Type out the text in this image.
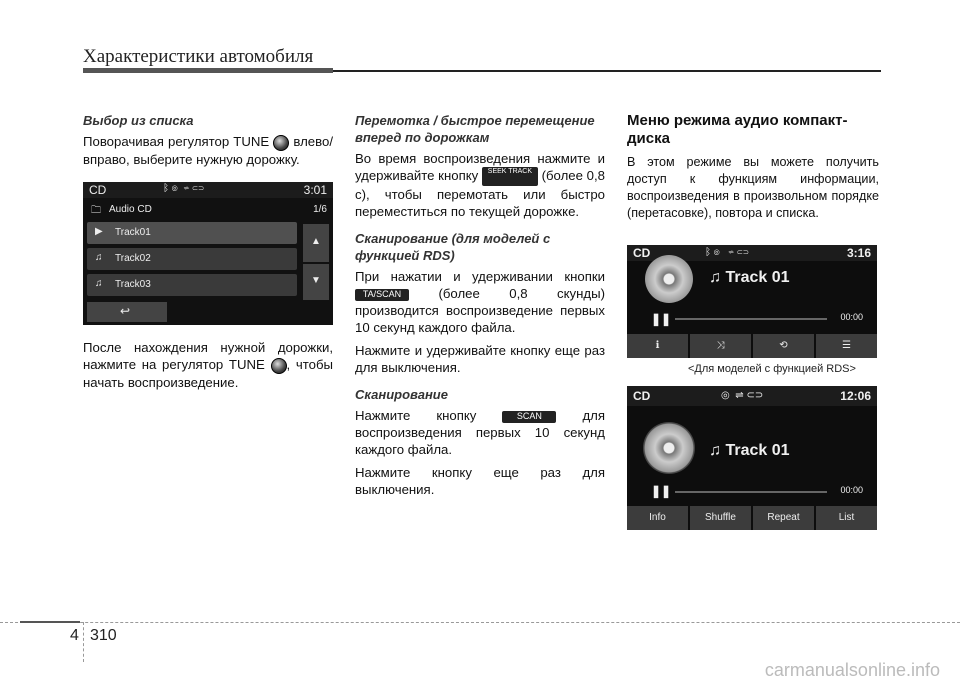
Характеристики автомобиля
Выбор из списка

Поворачивая регулятор TUNE влево/вправо, выберите нужную дорожку.

CD	ᛒ ◎  ⇌ ⊂⊃	3:01
🗀 Audio CD	1/6
▶ Track01
♫ Track02
♫ Track03
▲
▼
↩

После нахождения нужной дорожки, нажмите на регулятор TUNE , чтобы начать воспроизведение.

Перемотка / быстрое перемещение вперед по дорожкам

Во время воспроизведения нажмите и удерживайте кнопку SEEK TRACK (более 0,8 с), чтобы перемотать или быстро переместиться по текущей дорожке.

Сканирование (для моделей с функцией RDS)

При нажатии и удерживании кнопки TA/SCAN	(более 0,8 скунды) производится воспроизведение первых 10 секунд каждого файла.

Нажмите и удерживайте кнопку еще раз для выключения.

Сканирование

Нажмите кнопку	SCAN	для воспроизведения первых 10 секунд каждого файла.

Нажмите кнопку еще раз для выключения.

Меню режима аудио компакт-диска

В этом режиме вы можете получить доступ к функциям информации, воспроизведения в произвольном порядке (перетасовке), повтора и списка.

CD	ᛒ ◎   ⇌ ⊂⊃	3:16
♫ Track 01
❚❚	00:00
ℹ	⤨	⟲	☰
<Для моделей с функцией RDS>
CD	◎  ⇌ ⊂⊃	12:06
♫ Track 01
❚❚	00:00
Info	Shuffle	Repeat	List
4 310
carmanualsonline.info
